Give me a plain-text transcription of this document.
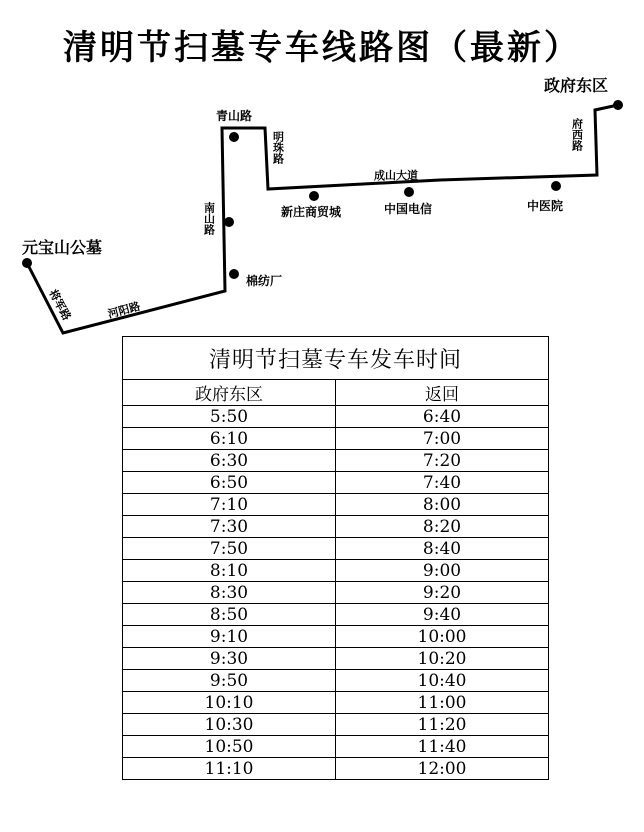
清明节扫墓专车线路图（最新）
元宝山公墓
棉纺厂
青山路
新庄商贸城	中国电信	中医院
政府东区
将军路	河阳路
南山路
明珠路
成山大道
府西路
清明节扫墓专车发车时间	
政府东区	返回
5:50	6:40
6:10	7:00
6:30	7:20
6:50	7:40
7:10	8:00
7:30	8:20
7:50	8:40
8:10	9:00
8:30	9:20
8:50	9:40
9:10	10:00
9:30	10:20
9:50	10:40
10:10	11:00
10:30	11:20
10:50	11:40
11:10	12:00
